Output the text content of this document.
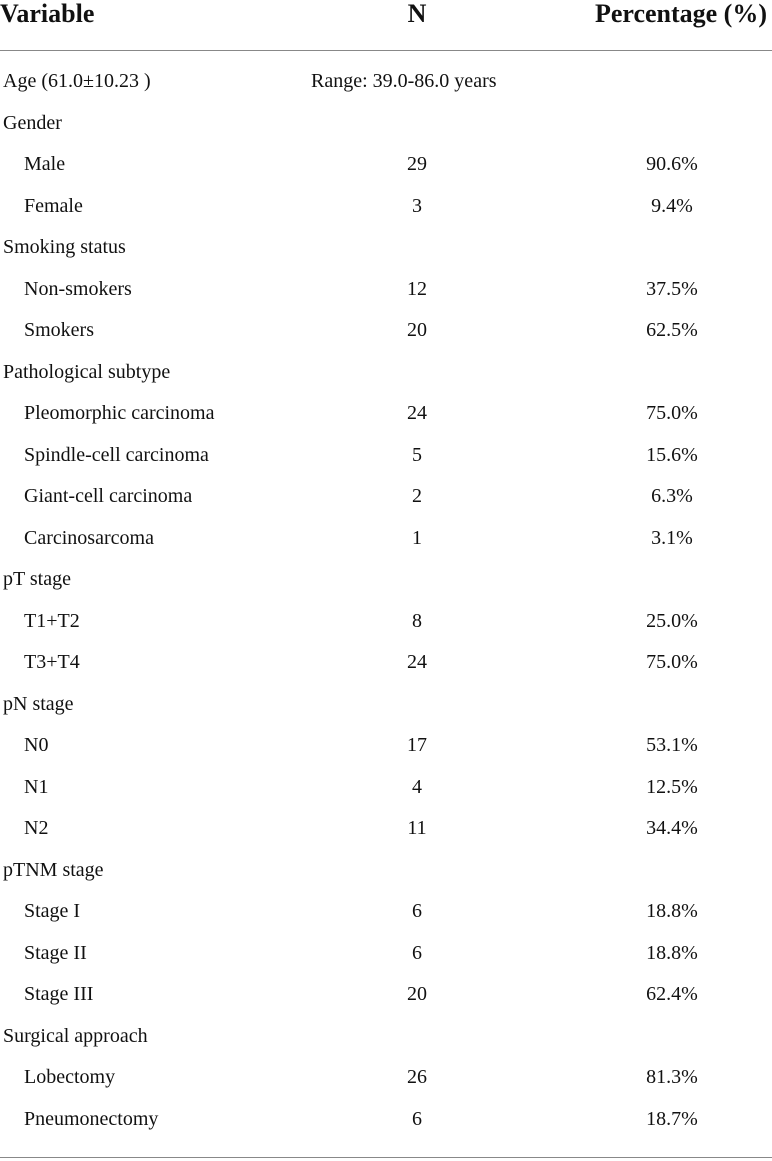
Variable	N	Percentage (%)
Age (61.0±10.23 )	Range: 39.0-86.0 years
Gender
Male	29	90.6%
Female	3	9.4%
Smoking status
Non-smokers	12	37.5%
Smokers	20	62.5%
Pathological subtype
Pleomorphic carcinoma	24	75.0%
Spindle-cell carcinoma	5	15.6%
Giant-cell carcinoma	2	6.3%
Carcinosarcoma	1	3.1%
pT stage
T1+T2	8	25.0%
T3+T4	24	75.0%
pN stage
N0	17	53.1%
N1	4	12.5%
N2	11	34.4%
pTNM stage
Stage I	6	18.8%
Stage II	6	18.8%
Stage III	20	62.4%
Surgical approach
Lobectomy	26	81.3%
Pneumonectomy	6	18.7%
